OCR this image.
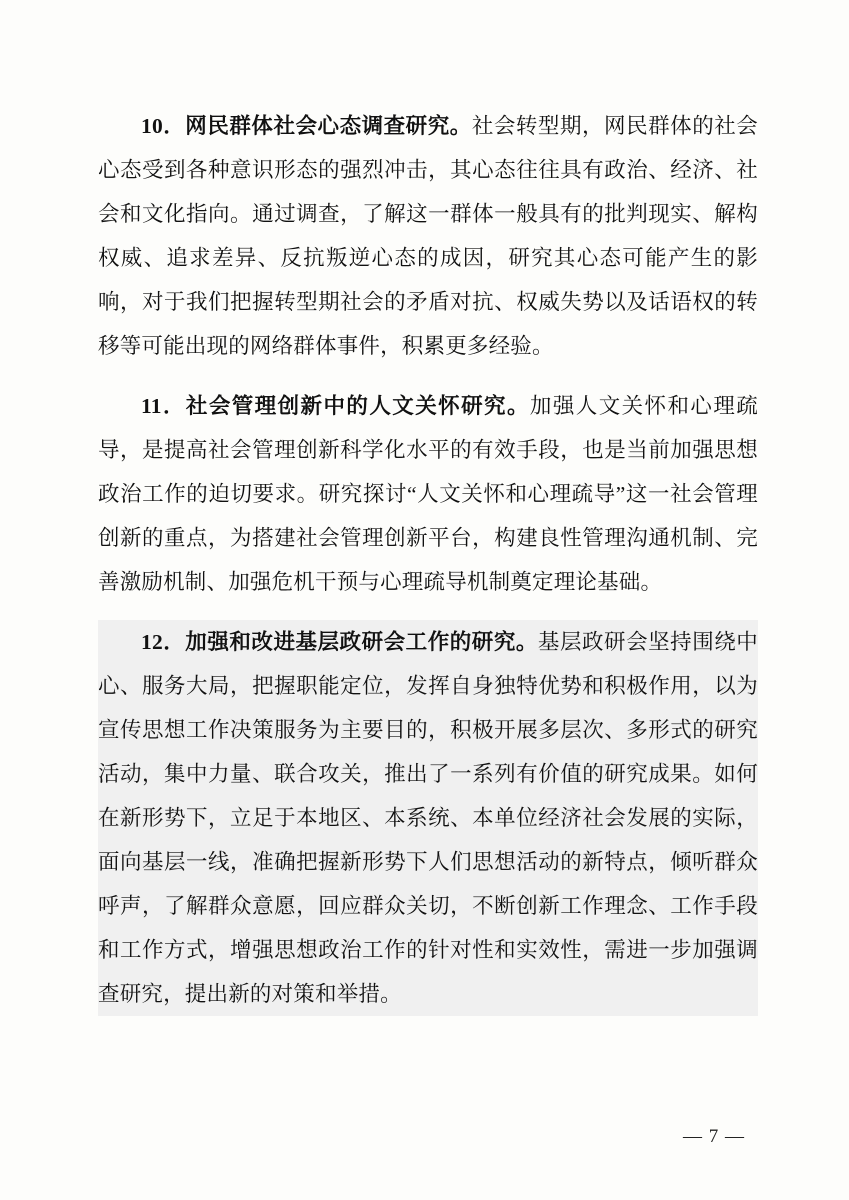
10．网民群体社会心态调查研究。社会转型期，网民群体的社会心态受到各种意识形态的强烈冲击，其心态往往具有政治、经济、社会和文化指向。通过调查，了解这一群体一般具有的批判现实、解构权威、追求差异、反抗叛逆心态的成因，研究其心态可能产生的影响，对于我们把握转型期社会的矛盾对抗、权威失势以及话语权的转移等可能出现的网络群体事件，积累更多经验。

11．社会管理创新中的人文关怀研究。加强人文关怀和心理疏导，是提高社会管理创新科学化水平的有效手段，也是当前加强思想政治工作的迫切要求。研究探讨“人文关怀和心理疏导”这一社会管理创新的重点，为搭建社会管理创新平台，构建良性管理沟通机制、完善激励机制、加强危机干预与心理疏导机制奠定理论基础。

12．加强和改进基层政研会工作的研究。基层政研会坚持围绕中心、服务大局，把握职能定位，发挥自身独特优势和积极作用，以为宣传思想工作决策服务为主要目的，积极开展多层次、多形式的研究活动，集中力量、联合攻关，推出了一系列有价值的研究成果。如何在新形势下，立足于本地区、本系统、本单位经济社会发展的实际，面向基层一线，准确把握新形势下人们思想活动的新特点，倾听群众呼声，了解群众意愿，回应群众关切，不断创新工作理念、工作手段和工作方式，增强思想政治工作的针对性和实效性，需进一步加强调查研究，提出新的对策和举措。

— 7 —
